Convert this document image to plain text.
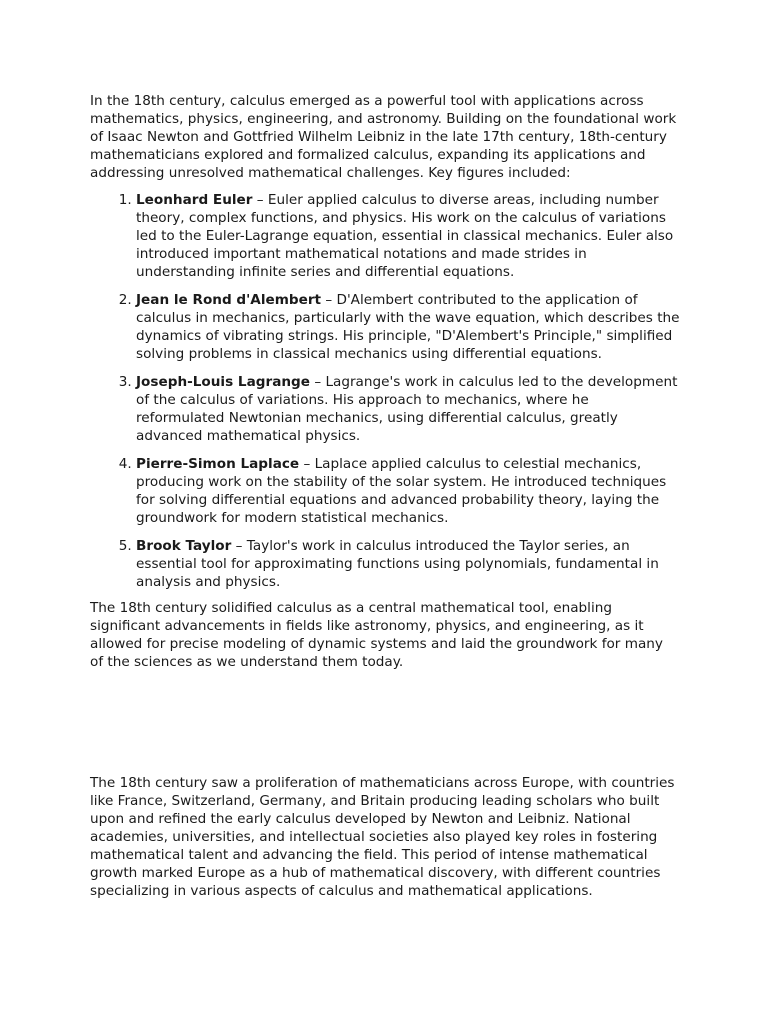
In the 18th century, calculus emerged as a powerful tool with applications across mathematics, physics, engineering, and astronomy. Building on the foundational work of Isaac Newton and Gottfried Wilhelm Leibniz in the late 17th century, 18th-century mathematicians explored and formalized calculus, expanding its applications and addressing unresolved mathematical challenges. Key figures included:

1. Leonhard Euler – Euler applied calculus to diverse areas, including number theory, complex functions, and physics. His work on the calculus of variations led to the Euler-Lagrange equation, essential in classical mechanics. Euler also introduced important mathematical notations and made strides in understanding infinite series and differential equations.
2. Jean le Rond d'Alembert – D'Alembert contributed to the application of calculus in mechanics, particularly with the wave equation, which describes the dynamics of vibrating strings. His principle, "D'Alembert's Principle," simplified solving problems in classical mechanics using differential equations.
3. Joseph-Louis Lagrange – Lagrange's work in calculus led to the development of the calculus of variations. His approach to mechanics, where he reformulated Newtonian mechanics, using differential calculus, greatly advanced mathematical physics.
4. Pierre-Simon Laplace – Laplace applied calculus to celestial mechanics, producing work on the stability of the solar system. He introduced techniques for solving differential equations and advanced probability theory, laying the groundwork for modern statistical mechanics.
5. Brook Taylor – Taylor's work in calculus introduced the Taylor series, an essential tool for approximating functions using polynomials, fundamental in analysis and physics.

The 18th century solidified calculus as a central mathematical tool, enabling significant advancements in fields like astronomy, physics, and engineering, as it allowed for precise modeling of dynamic systems and laid the groundwork for many of the sciences as we understand them today.

The 18th century saw a proliferation of mathematicians across Europe, with countries like France, Switzerland, Germany, and Britain producing leading scholars who built upon and refined the early calculus developed by Newton and Leibniz. National academies, universities, and intellectual societies also played key roles in fostering mathematical talent and advancing the field. This period of intense mathematical growth marked Europe as a hub of mathematical discovery, with different countries specializing in various aspects of calculus and mathematical applications.
